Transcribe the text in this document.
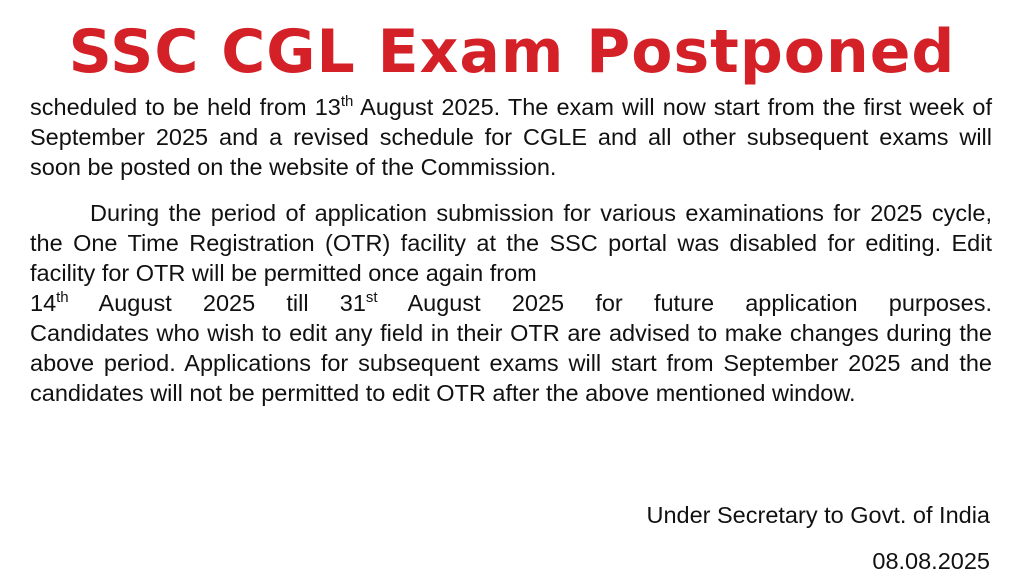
SSC CGL Exam Postponed

scheduled to be held from 13th August 2025. The exam will now start from the first week of September 2025 and a revised schedule for CGLE and all other subsequent exams will soon be posted on the website of the Commission.

During the period of application submission for various examinations for 2025 cycle, the One Time Registration (OTR) facility at the SSC portal was disabled for editing. Edit facility for OTR will be permitted once again from
14th August 2025 till 31st August 2025 for future application purposes.
Candidates who wish to edit any field in their OTR are advised to make changes during the above period. Applications for subsequent exams will start from September 2025 and the candidates will not be permitted to edit OTR after the above mentioned window.

Under Secretary to Govt. of India
08.08.2025
